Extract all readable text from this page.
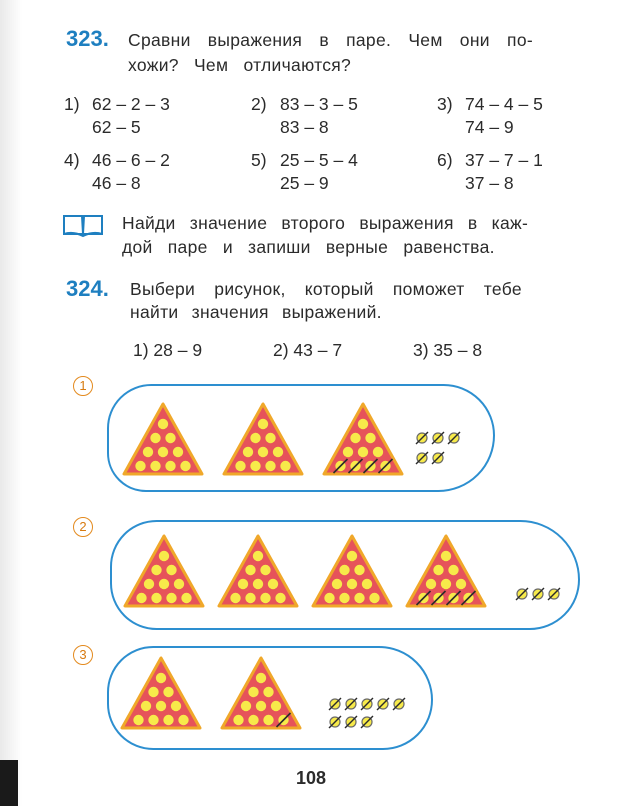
323. Сравни выражения в паре. Чем они по-
хожи? Чем отличаются?
1) 62 – 2 – 3
62 – 5
2) 83 – 3 – 5
83 – 8
3) 74 – 4 – 5
74 – 9
4) 46 – 6 – 2
46 – 8
5) 25 – 5 – 4
25 – 9
6) 37 – 7 – 1
37 – 8
Найди значение второго выражения в каж-
дой паре и запиши верные равенства.
324. Выбери рисунок, который поможет тебе
найти значения выражений.
1) 28 – 9	2) 43 – 7	3) 35 – 8
1
2
3
108
